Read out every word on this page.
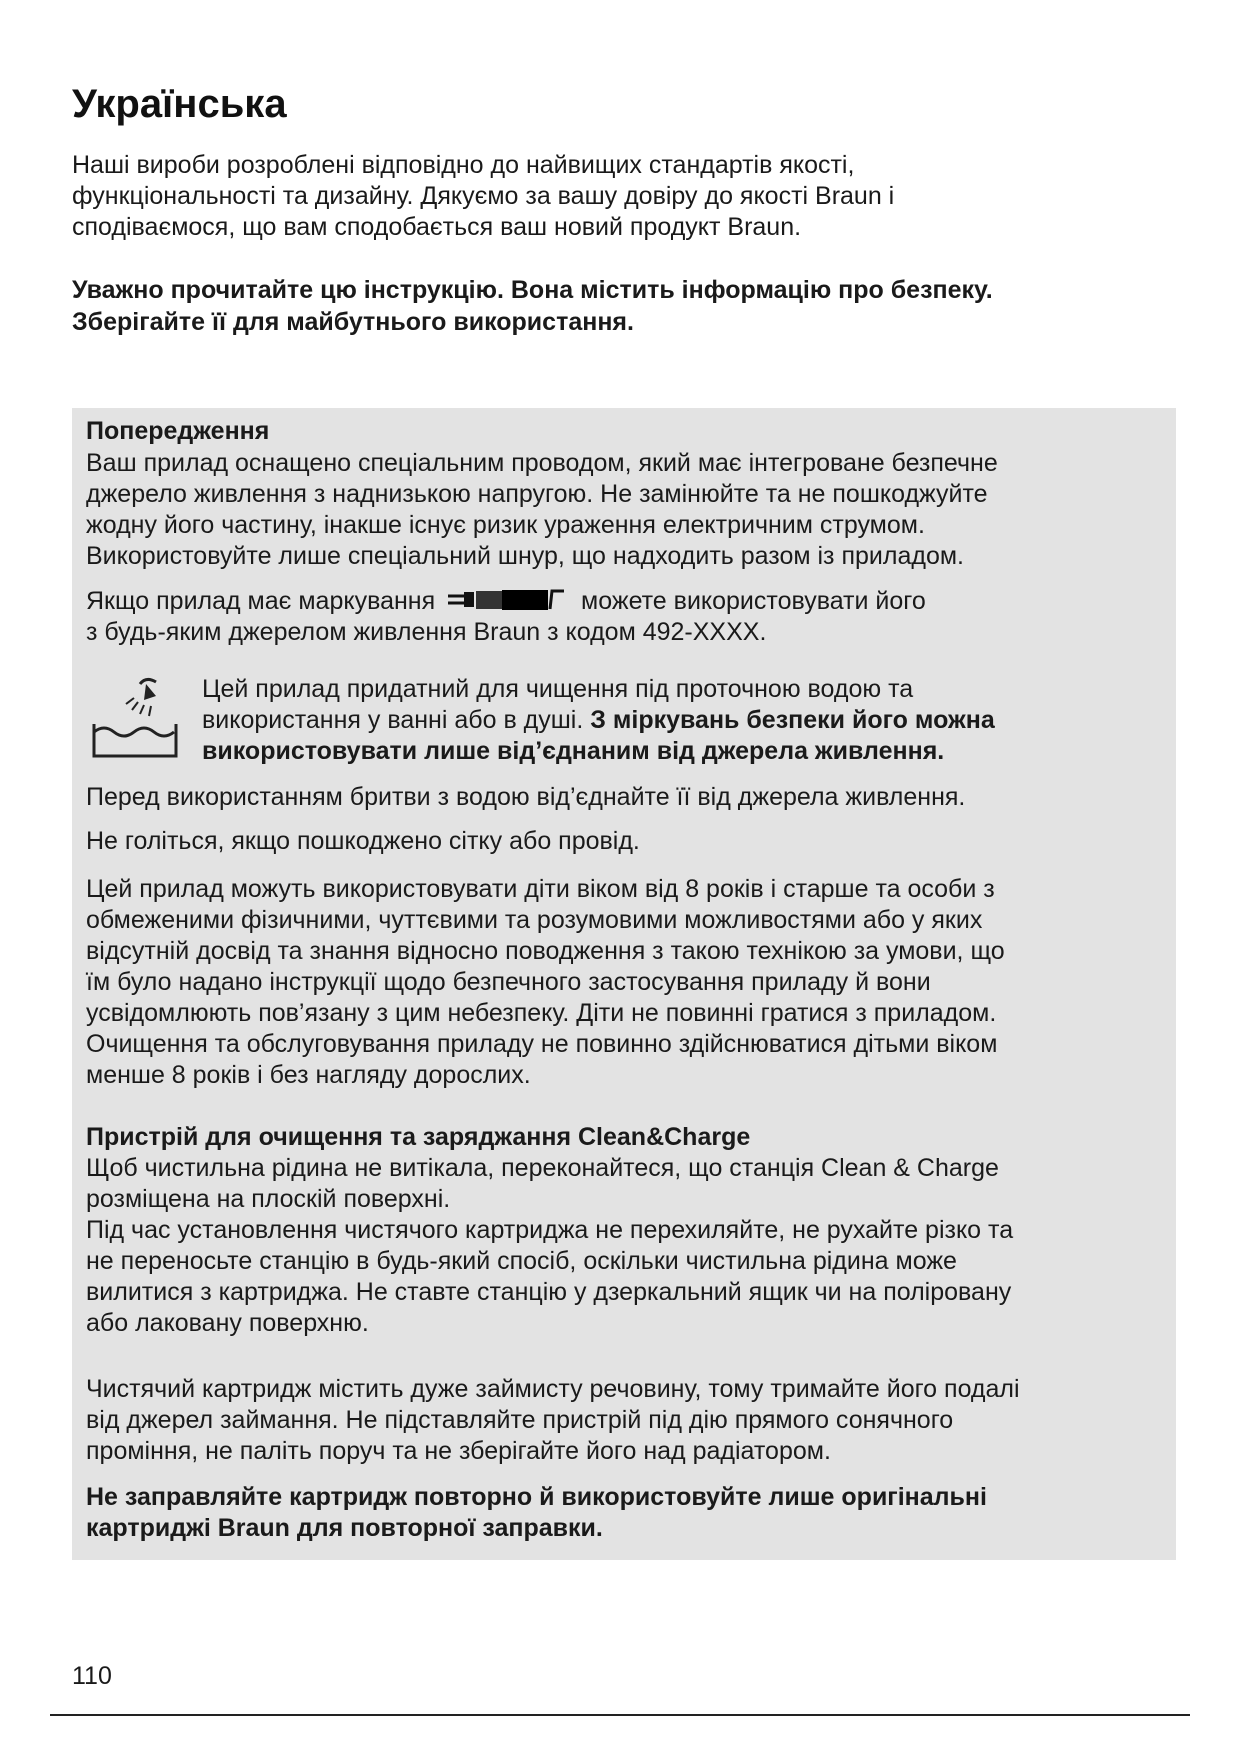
Українська

Наші вироби розроблені відповідно до найвищих стандартів якості,
функціональності та дизайну. Дякуємо за вашу довіру до якості Braun і
сподіваємося, що вам сподобається ваш новий продукт Braun.

Уважно прочитайте цю інструкцію. Вона містить інформацію про безпеку.
Зберігайте її для майбутнього використання.

Попередження

Ваш прилад оснащено спеціальним проводом, який має інтегроване безпечне
джерело живлення з наднизькою напругою. Не замінюйте та не пошкоджуйте
жодну його частину, інакше існує ризик ураження електричним струмом.
Використовуйте лише спеціальний шнур, що надходить разом із приладом.

Якщо прилад має маркування	можете використовувати його
з будь-яким джерелом живлення Braun з кодом 492-XXXX.

Цей прилад придатний для чищення під проточною водою та
використання у ванні або в душі. З міркувань безпеки його можна
використовувати лише від’єднаним від джерела живлення.

Перед використанням бритви з водою від’єднайте її від джерела живлення.

Не голіться, якщо пошкоджено сітку або провід.

Цей прилад можуть використовувати діти віком від 8 років і старше та особи з
обмеженими фізичними, чуттєвими та розумовими можливостями або у яких
відсутній досвід та знання відносно поводження з такою технікою за умови, що
їм було надано інструкції щодо безпечного застосування приладу й вони
усвідомлюють пов’язану з цим небезпеку. Діти не повинні гратися з приладом.
Очищення та обслуговування приладу не повинно здійснюватися дітьми віком
менше 8 років і без нагляду дорослих.

Пристрій для очищення та заряджання Clean&Charge

Щоб чистильна рідина не витікала, переконайтеся, що станція Clean & Charge
розміщена на плоскій поверхні.
Під час установлення чистячого картриджа не перехиляйте, не рухайте різко та
не переносьте станцію в будь-який спосіб, оскільки чистильна рідина може
вилитися з картриджа. Не ставте станцію у дзеркальний ящик чи на поліровану
або лаковану поверхню.

Чистячий картридж містить дуже займисту речовину, тому тримайте його подалі
від джерел займання. Не підставляйте пристрій під дію прямого сонячного
проміння, не паліть поруч та не зберігайте його над радіатором.

Не заправляйте картридж повторно й використовуйте лише оригінальні
картриджі Braun для повторної заправки.

110
